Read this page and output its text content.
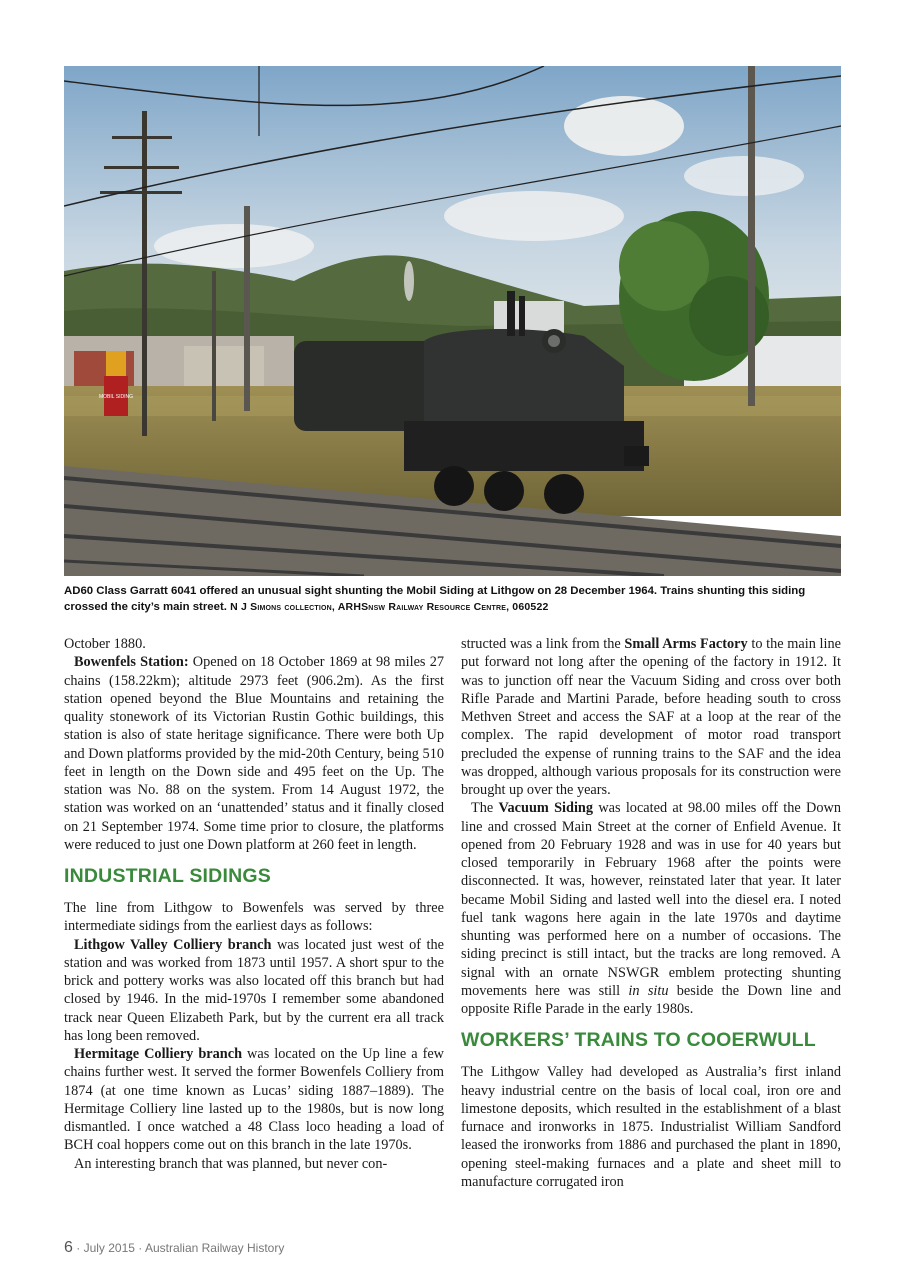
MOBIL SIDING
AD60 Class Garratt 6041 offered an unusual sight shunting the Mobil Siding at Lithgow on 28 December 1964. Trains shunting this siding crossed the city’s main street. N J Simons collection, ARHSnsw Railway Resource Centre, 060522

October 1880.

Bowenfels Station: Opened on 18 October 1869 at 98 miles 27 chains (158.22km); altitude 2973 feet (906.2m). As the first station opened beyond the Blue Mountains and retaining the quality stonework of its Victorian Rustin Gothic buildings, this station is also of state heritage significance. There were both Up and Down platforms provided by the mid-20th Century, being 510 feet in length on the Down side and 495 feet on the Up. The station was No. 88 on the system. From 14 August 1972, the station was worked on an ‘unattended’ status and it finally closed on 21 September 1974. Some time prior to closure, the platforms were reduced to just one Down platform at 260 feet in length.

INDUSTRIAL SIDINGS

The line from Lithgow to Bowenfels was served by three intermediate sidings from the earliest days as follows:

Lithgow Valley Colliery branch was located just west of the station and was worked from 1873 until 1957. A short spur to the brick and pottery works was also located off this branch but had closed by 1946. In the mid-1970s I remember some abandoned track near Queen Elizabeth Park, but by the current era all track has long been removed.

Hermitage Colliery branch was located on the Up line a few chains further west. It served the former Bowenfels Colliery from 1874 (at one time known as Lucas’ siding 1887–1889). The Hermitage Colliery line lasted up to the 1980s, but is now long dismantled. I once watched a 48 Class loco heading a load of BCH coal hoppers come out on this branch in the late 1970s.

An interesting branch that was planned, but never con-

structed was a link from the Small Arms Factory to the main line put forward not long after the opening of the factory in 1912. It was to junction off near the Vacuum Siding and cross over both Rifle Parade and Martini Parade, before heading south to cross Methven Street and access the SAF at a loop at the rear of the complex. The rapid development of motor road transport precluded the expense of running trains to the SAF and the idea was dropped, although various proposals for its construction were brought up over the years.

The Vacuum Siding was located at 98.00 miles off the Down line and crossed Main Street at the corner of Enfield Avenue. It opened from 20 February 1928 and was in use for 40 years but closed temporarily in February 1968 after the points were disconnected. It was, however, reinstated later that year. It later became Mobil Siding and lasted well into the diesel era. I noted fuel tank wagons here again in the late 1970s and daytime shunting was performed here on a number of occasions. The siding precinct is still intact, but the tracks are long removed. A signal with an ornate NSWGR emblem protecting shunting movements here was still in situ beside the Down line and opposite Rifle Parade in the early 1980s.

WORKERS’ TRAINS TO COOERWULL

The Lithgow Valley had developed as Australia’s first inland heavy industrial centre on the basis of local coal, iron ore and limestone deposits, which resulted in the establishment of a blast furnace and ironworks in 1875. Industrialist William Sandford leased the ironworks from 1886 and purchased the plant in 1890, opening steel-making furnaces and a plate and sheet mill to manufacture corrugated iron

6 · July 2015 · Australian Railway History
